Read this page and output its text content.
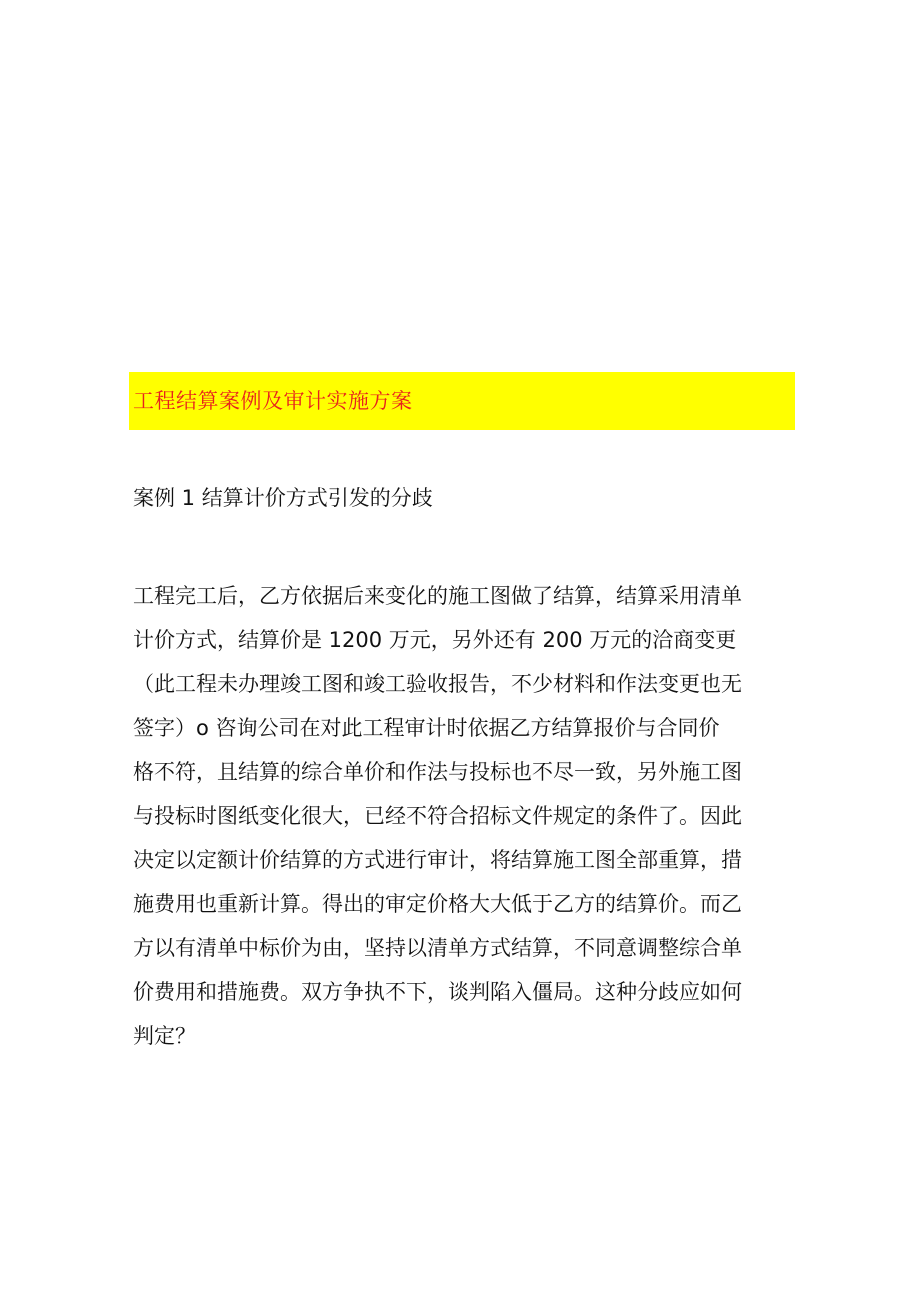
工程结算案例及审计实施方案
案例 1 结算计价方式引发的分歧
工程完工后，乙方依据后来变化的施工图做了结算，结算采用清单
计价方式，结算价是 1200 万元，另外还有 200 万元的洽商变更
（此工程未办理竣工图和竣工验收报告，不少材料和作法变更也无
签字）o 咨询公司在对此工程审计时依据乙方结算报价与合同价
格不符，且结算的综合单价和作法与投标也不尽一致，另外施工图
与投标时图纸变化很大，已经不符合招标文件规定的条件了。因此
决定以定额计价结算的方式进行审计，将结算施工图全部重算，措
施费用也重新计算。得出的审定价格大大低于乙方的结算价。而乙
方以有清单中标价为由，坚持以清单方式结算，不同意调整综合单
价费用和措施费。双方争执不下，谈判陷入僵局。这种分歧应如何
判定？
